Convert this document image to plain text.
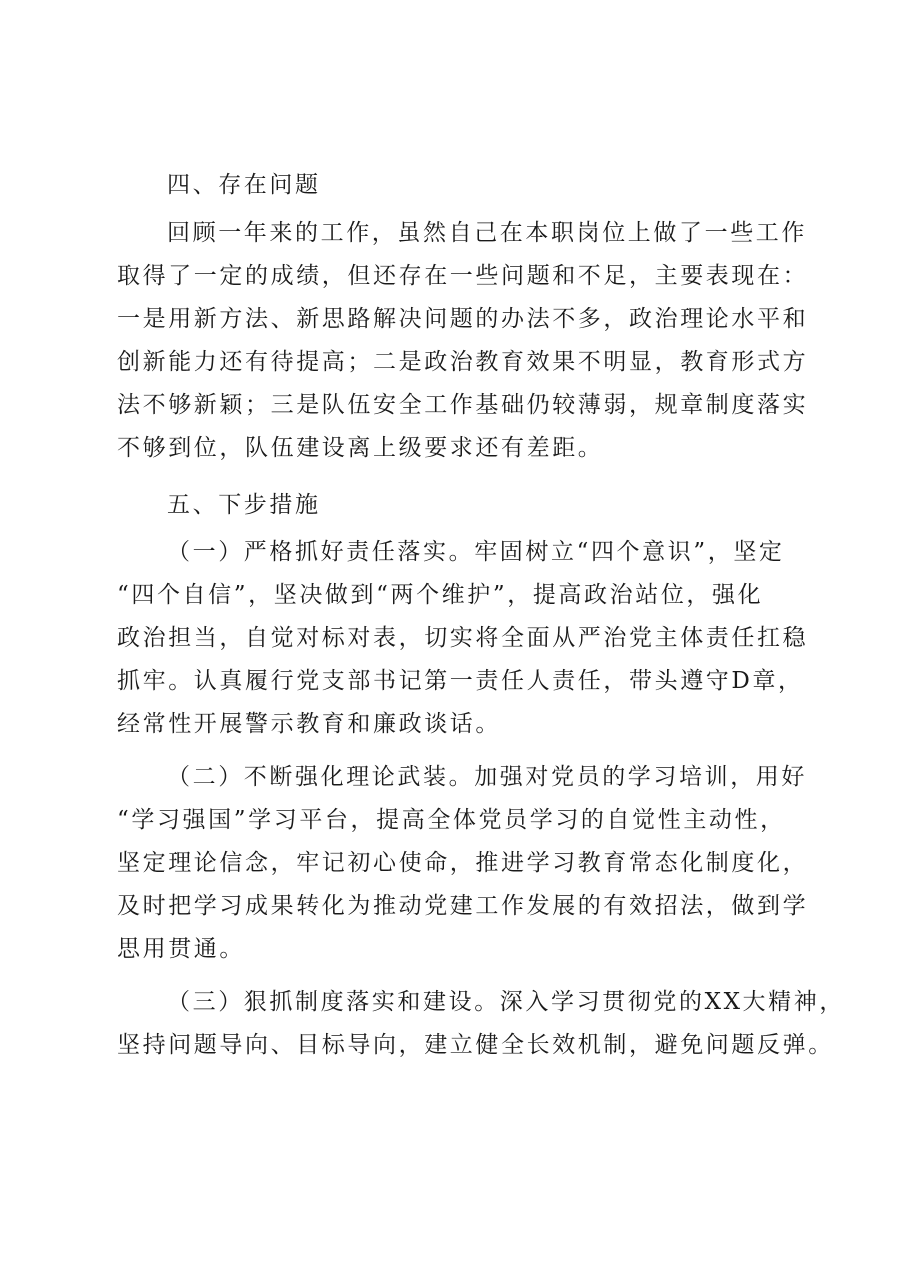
四、存在问题

回顾一年来的工作，虽然自己在本职岗位上做了一些工作
取得了一定的成绩，但还存在一些问题和不足，主要表现在：
一是用新方法、新思路解决问题的办法不多，政治理论水平和
创新能力还有待提高；二是政治教育效果不明显，教育形式方
法不够新颖；三是队伍安全工作基础仍较薄弱，规章制度落实
不够到位，队伍建设离上级要求还有差距。

五、下步措施

（一）严格抓好责任落实。牢固树立“四个意识”，坚定
“四个自信”，坚决做到“两个维护”，提高政治站位，强化
政治担当，自觉对标对表，切实将全面从严治党主体责任扛稳
抓牢。认真履行党支部书记第一责任人责任，带头遵守D章，
经常性开展警示教育和廉政谈话。
（二）不断强化理论武装。加强对党员的学习培训，用好
“学习强国”学习平台，提高全体党员学习的自觉性主动性，
坚定理论信念，牢记初心使命，推进学习教育常态化制度化，
及时把学习成果转化为推动党建工作发展的有效招法，做到学
思用贯通。
（三）狠抓制度落实和建设。深入学习贯彻党的XX大精神，
坚持问题导向、目标导向，建立健全长效机制，避免问题反弹。
